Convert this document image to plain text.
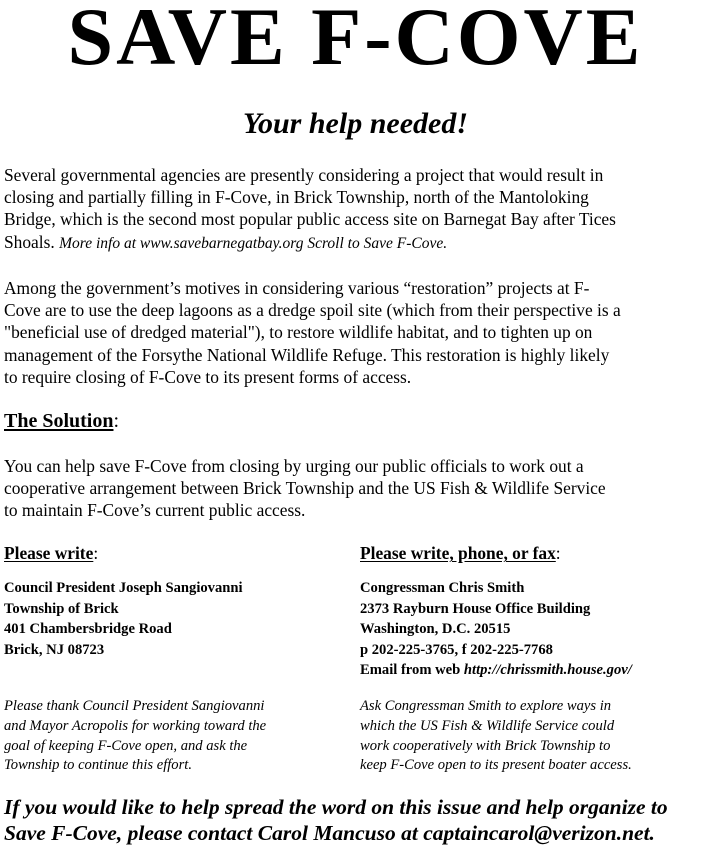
SAVE F-COVE
Your help needed!
Several governmental agencies are presently considering a project that would result in
closing and partially filling in F-Cove, in Brick Township, north of the Mantoloking
Bridge, which is the second most popular public access site on Barnegat Bay after Tices
Shoals. More info at www.savebarnegatbay.org Scroll to Save F-Cove.
Among the government’s motives in considering various “restoration” projects at F-
Cove are to use the deep lagoons as a dredge spoil site (which from their perspective is a
"beneficial use of dredged material"), to restore wildlife habitat, and to tighten up on
management of the Forsythe National Wildlife Refuge. This restoration is highly likely
to require closing of F-Cove to its present forms of access.
The Solution:
You can help save F-Cove from closing by urging our public officials to work out a
cooperative arrangement between Brick Township and the US Fish & Wildlife Service
to maintain F-Cove’s current public access.
Please write:
Council President Joseph Sangiovanni
Township of Brick
401 Chambersbridge Road
Brick, NJ 08723
Please thank Council President Sangiovanni
and Mayor Acropolis for working toward the
goal of keeping F-Cove open, and ask the
Township to continue this effort.
Please write, phone, or fax:
Congressman Chris Smith
2373 Rayburn House Office Building
Washington, D.C. 20515
p 202-225-3765, f 202-225-7768
Email from web http://chrissmith.house.gov/
Ask Congressman Smith to explore ways in
which the US Fish & Wildlife Service could
work cooperatively with Brick Township to
keep F-Cove open to its present boater access.
If you would like to help spread the word on this issue and help organize to
Save F-Cove, please contact Carol Mancuso at captaincarol@verizon.net.
